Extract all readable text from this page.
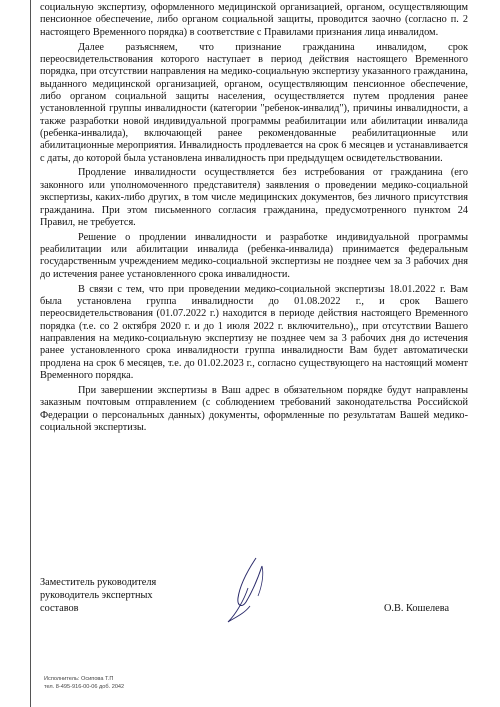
социальную экспертизу, оформленного медицинской организацией, органом, осуществляющим пенсионное обеспечение, либо органом социальной защиты, проводится заочно (согласно п. 2 настоящего Временного порядка) в соответствие с Правилами признания лица инвалидом.

Далее разъясняем, что признание гражданина инвалидом, срок переосвидетельствования которого наступает в период действия настоящего Временного порядка, при отсутствии направления на медико-социальную экспертизу указанного гражданина, выданного медицинской организацией, органом, осуществляющим пенсионное обеспечение, либо органом социальной защиты населения, осуществляется путем продления ранее установленной группы инвалидности (категории "ребенок-инвалид"), причины инвалидности, а также разработки новой индивидуальной программы реабилитации или абилитации инвалида (ребенка-инвалида), включающей ранее рекомендованные реабилитационные или абилитационные мероприятия. Инвалидность продлевается на срок 6 месяцев и устанавливается с даты, до которой была установлена инвалидность при предыдущем освидетельствовании.

Продление инвалидности осуществляется без истребования от гражданина (его законного или уполномоченного представителя) заявления о проведении медико-социальной экспертизы, каких-либо других, в том числе медицинских документов, без личного присутствия гражданина. При этом письменного согласия гражданина, предусмотренного пунктом 24 Правил, не требуется.

Решение о продлении инвалидности и разработке индивидуальной программы реабилитации или абилитации инвалида (ребенка-инвалида) принимается федеральным государственным учреждением медико-социальной экспертизы не позднее чем за 3 рабочих дня до истечения ранее установленного срока инвалидности.

В связи с тем, что при проведении медико-социальной экспертизы 18.01.2022 г. Вам была установлена группа инвалидности до 01.08.2022 г., и срок Вашего переосвидетельствования (01.07.2022 г.) находится в периоде действия настоящего Временного порядка (т.е. со 2 октября 2020 г. и до 1 июля 2022 г. включительно),, при отсутствии Вашего направления на медико-социальную экспертизу не позднее чем за 3 рабочих дня до истечения ранее установленного срока инвалидности группа инвалидности Вам будет автоматически продлена на срок 6 месяцев, т.е. до 01.02.2023 г., согласно существующего на настоящий момент Временного порядка.

При завершении экспертизы в Ваш адрес в обязательном порядке будут направлены заказным почтовым отправлением (с соблюдением требований законодательства Российской Федерации о персональных данных) документы, оформленные по результатам Вашей медико-социальной экспертизы.

Заместитель руководителя
руководитель экспертных
составов	О.В. Кошелева
Исполнитель: Осипова Т.П
тел. 8-495-916-00-06 доб. 2042
